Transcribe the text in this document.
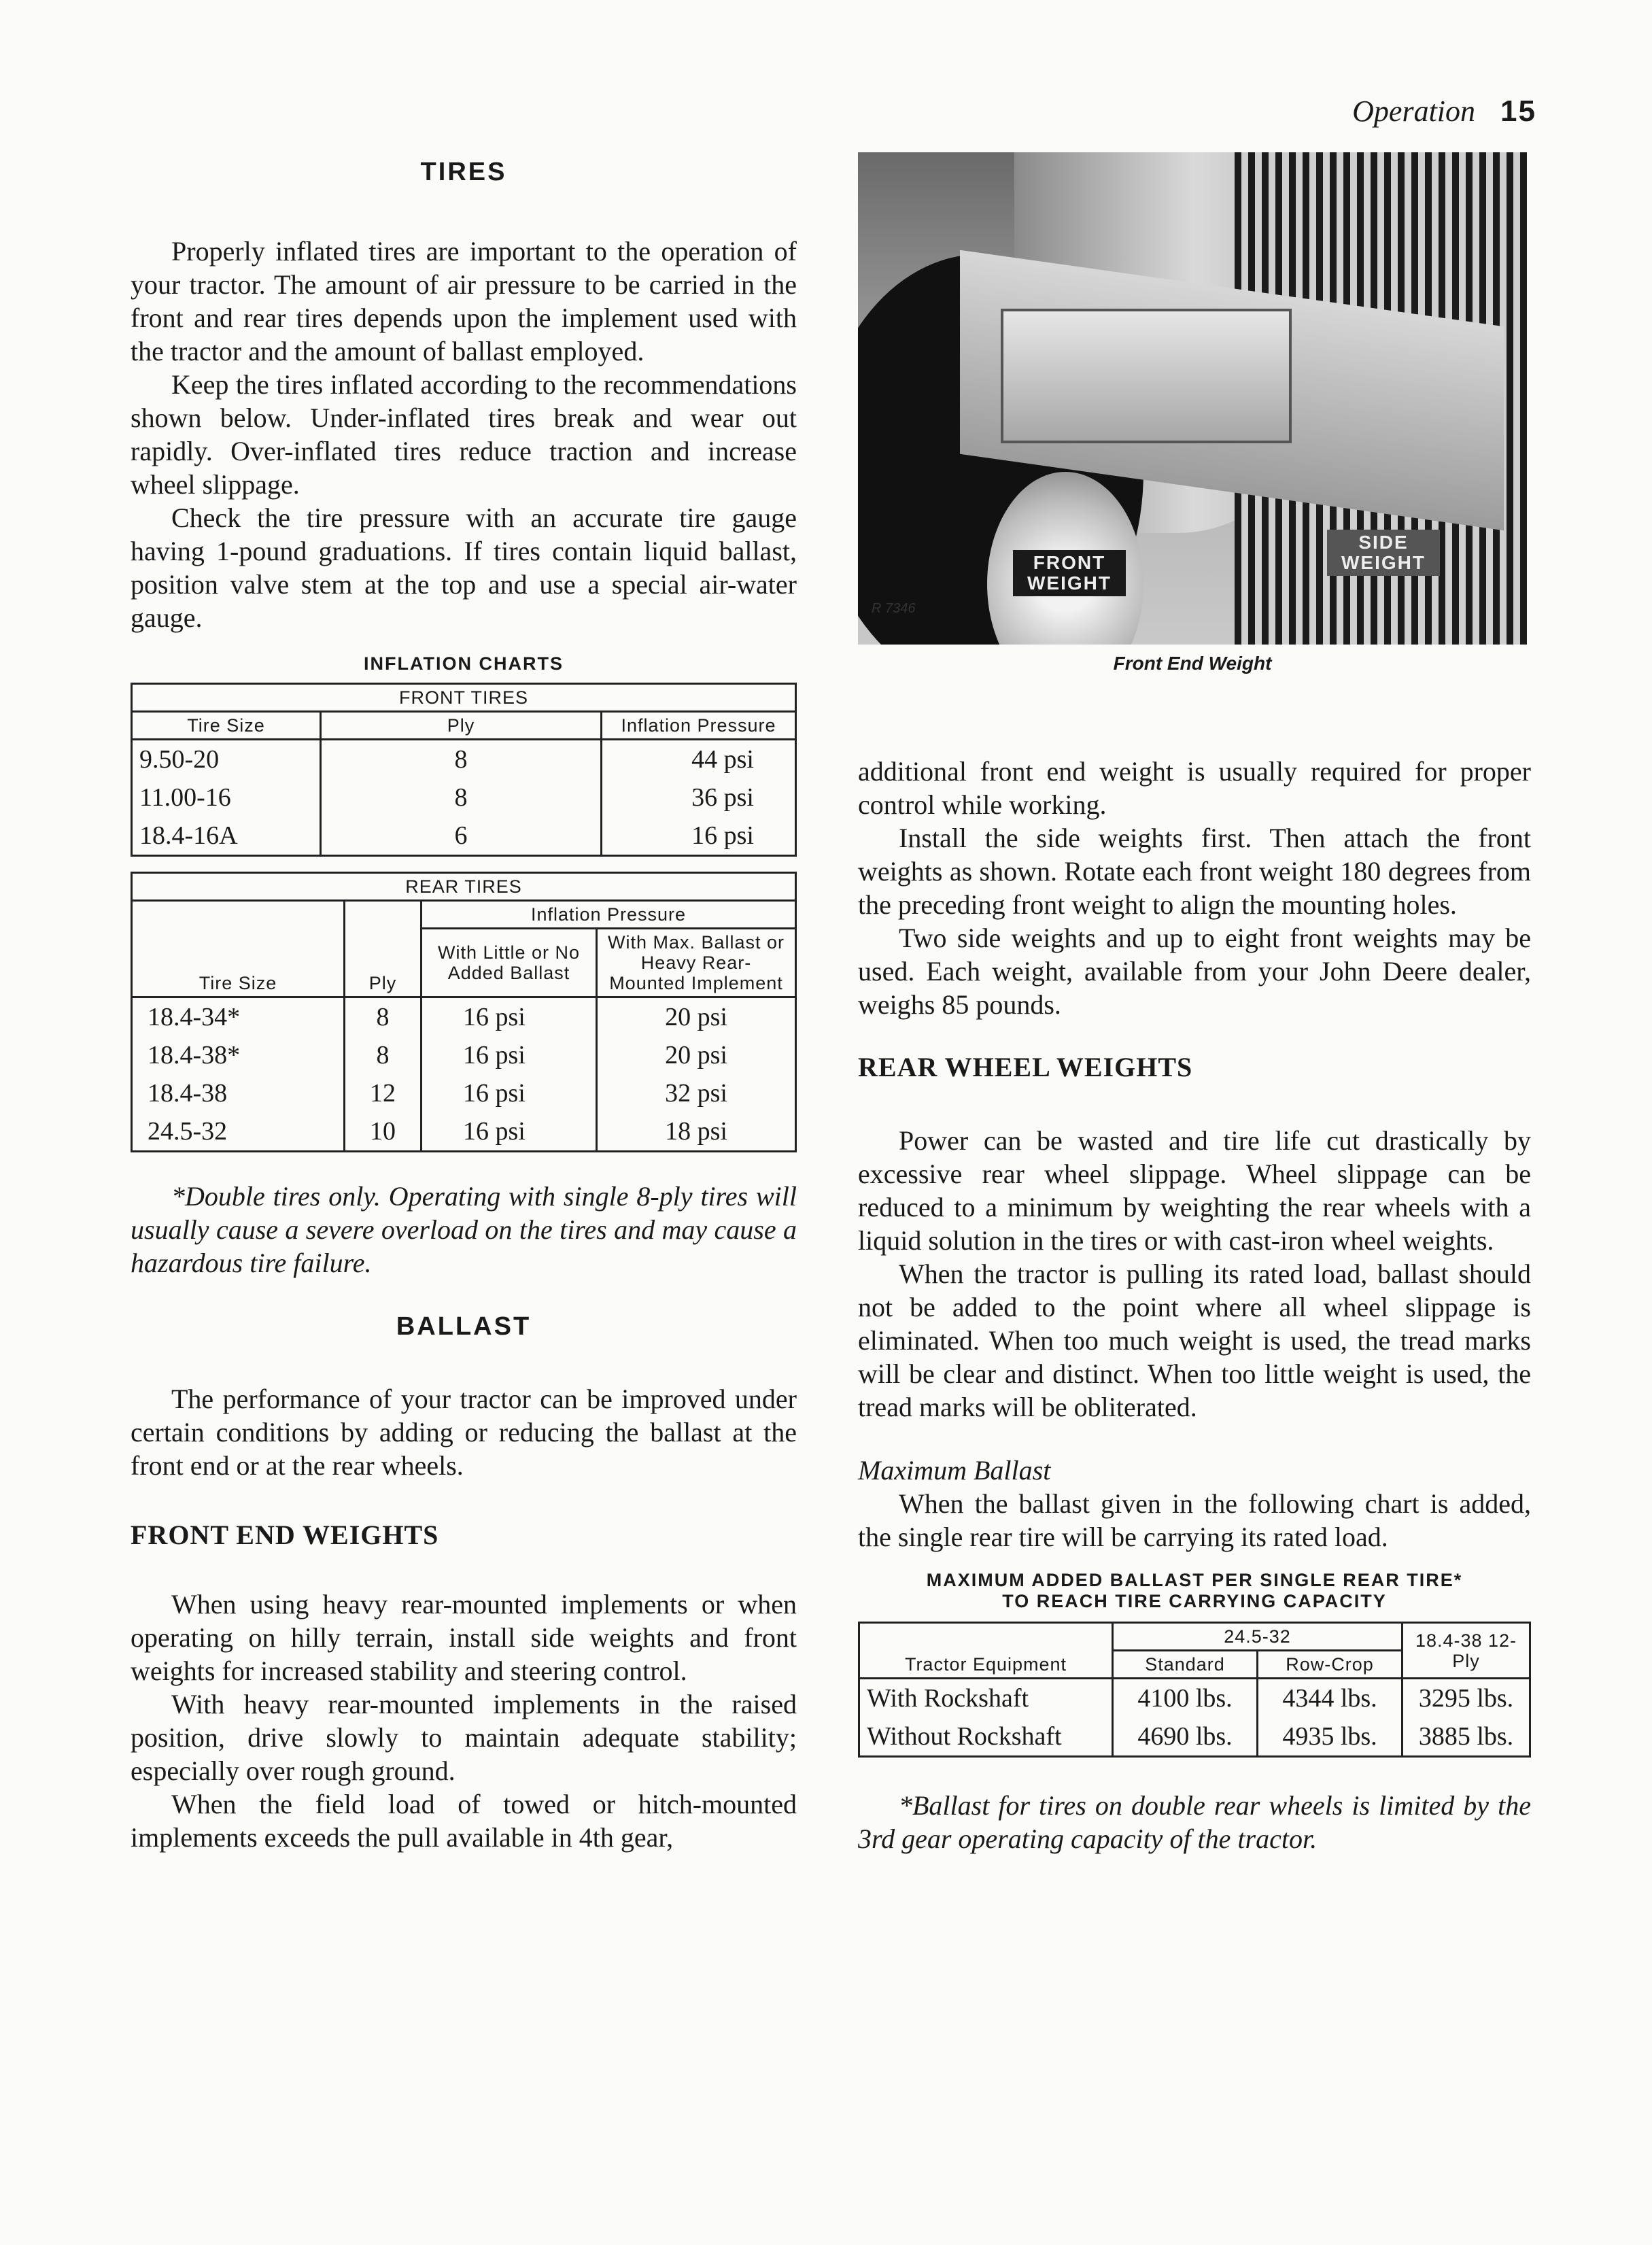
Operation 15
TIRES

Properly inflated tires are important to the operation of your tractor. The amount of air pressure to be carried in the front and rear tires depends upon the implement used with the tractor and the amount of ballast employed.

Keep the tires inflated according to the recommendations shown below. Under-inflated tires break and wear out rapidly. Over-inflated tires reduce traction and increase wheel slippage.

Check the tire pressure with an accurate tire gauge having 1-pound graduations. If tires contain liquid ballast, position valve stem at the top and use a special air-water gauge.

INFLATION CHARTS
FRONT TIRES		
Tire Size	Ply	Inflation Pressure
9.50-20	8	44 psi
11.00-16	8	36 psi
18.4-16A	6	16 psi
REAR TIRES			
Tire Size	Ply	Inflation Pressure	
		With Little or No Added Ballast	With Max. Ballast or Heavy Rear-Mounted Implement
18.4-34*	8	16 psi	20 psi
18.4-38*	8	16 psi	20 psi
18.4-38	12	16 psi	32 psi
24.5-32	10	16 psi	18 psi

*Double tires only. Operating with single 8-ply tires will usually cause a severe overload on the tires and may cause a hazardous tire failure.

BALLAST

The performance of your tractor can be improved under certain conditions by adding or reducing the ballast at the front end or at the rear wheels.

FRONT END WEIGHTS

When using heavy rear-mounted implements or when operating on hilly terrain, install side weights and front weights for increased stability and steering control.

With heavy rear-mounted implements in the raised position, drive slowly to maintain adequate stability; especially over rough ground.

When the field load of towed or hitch-mounted implements exceeds the pull available in 4th gear,

FRONT WEIGHT
SIDE WEIGHT
R 7346
Front End Weight

additional front end weight is usually required for proper control while working.

Install the side weights first. Then attach the front weights as shown. Rotate each front weight 180 degrees from the preceding front weight to align the mounting holes.

Two side weights and up to eight front weights may be used. Each weight, available from your John Deere dealer, weighs 85 pounds.

REAR WHEEL WEIGHTS

Power can be wasted and tire life cut drastically by excessive rear wheel slippage. Wheel slippage can be reduced to a minimum by weighting the rear wheels with a liquid solution in the tires or with cast-iron wheel weights.

When the tractor is pulling its rated load, ballast should not be added to the point where all wheel slippage is eliminated. When too much weight is used, the tread marks will be clear and distinct. When too little weight is used, the tread marks will be obliterated.

Maximum Ballast

When the ballast given in the following chart is added, the single rear tire will be carrying its rated load.

MAXIMUM ADDED BALLAST PER SINGLE REAR TIRE*
TO REACH TIRE CARRYING CAPACITY
Tractor Equipment	24.5-32		18.4-38 12-Ply
	Standard	Row-Crop	
With Rockshaft	4100 lbs.	4344 lbs.	3295 lbs.
Without Rockshaft	4690 lbs.	4935 lbs.	3885 lbs.

*Ballast for tires on double rear wheels is limited by the 3rd gear operating capacity of the tractor.
